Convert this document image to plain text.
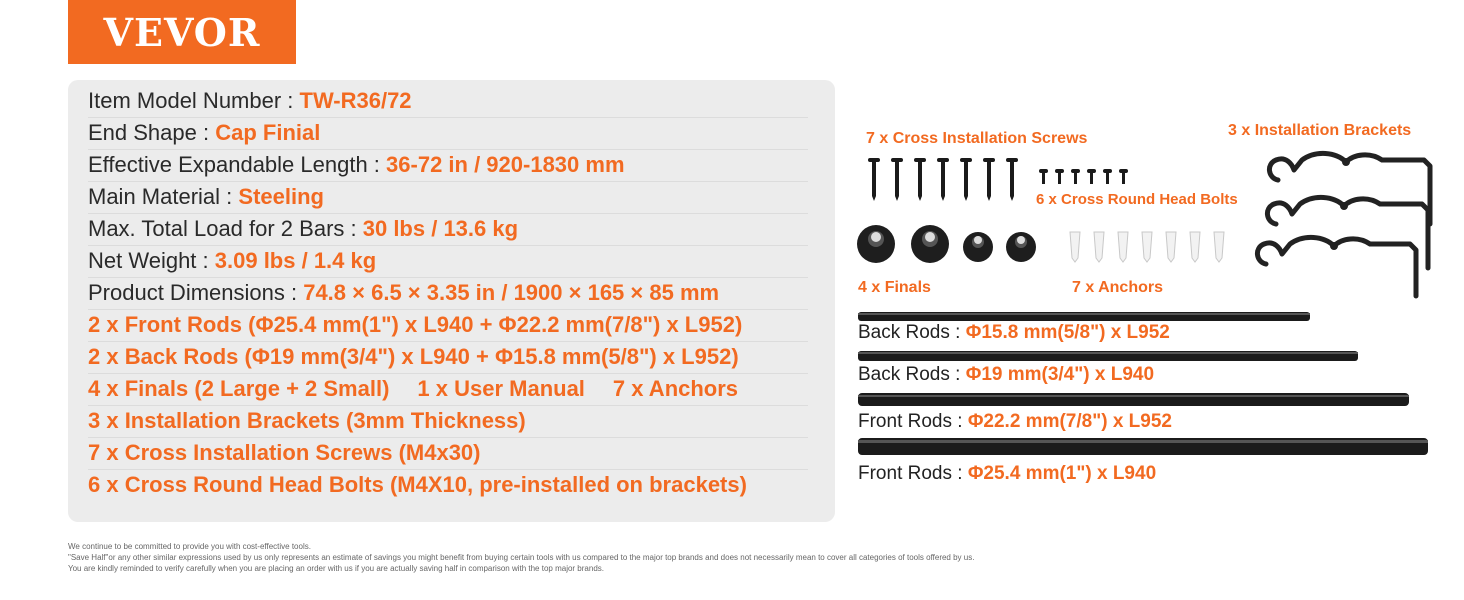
VEVOR
Item Model Number : TW-R36/72
End Shape : Cap Finial
Effective Expandable Length : 36-72 in / 920-1830 mm
Main Material : Steeling
Max. Total Load for 2 Bars : 30 lbs / 13.6 kg
Net Weight : 3.09 lbs / 1.4 kg
Product Dimensions : 74.8 × 6.5 × 3.35 in / 1900 × 165 × 85 mm
2 x Front Rods (Φ25.4 mm(1") x L940 + Φ22.2 mm(7/8") x L952)
2 x Back Rods (Φ19 mm(3/4") x L940 + Φ15.8 mm(5/8") x L952)
4 x Finals (2 Large + 2 Small) 1 x User Manual 7 x Anchors
3 x Installation Brackets (3mm Thickness)
7 x Cross Installation Screws (M4x30)
6 x Cross Round Head Bolts (M4X10, pre-installed on brackets)
7 x Cross Installation Screws	3 x Installation Brackets
6 x Cross Round Head Bolts
4 x Finals	7 x Anchors
Back Rods : Φ15.8 mm(5/8") x L952
Back Rods : Φ19 mm(3/4") x L940
Front Rods : Φ22.2 mm(7/8") x L952
Front Rods : Φ25.4 mm(1") x L940
We continue to be committed to provide you with cost-effective tools.
"Save Half"or any other similar expressions used by us only represents an estimate of savings you might benefit from buying certain tools with us compared to the major top brands and does not necessarily mean to cover all categories of tools offered by us.
You are kindly reminded to verify carefully when you are placing an order with us if you are actually saving half in comparison with the top major brands.
